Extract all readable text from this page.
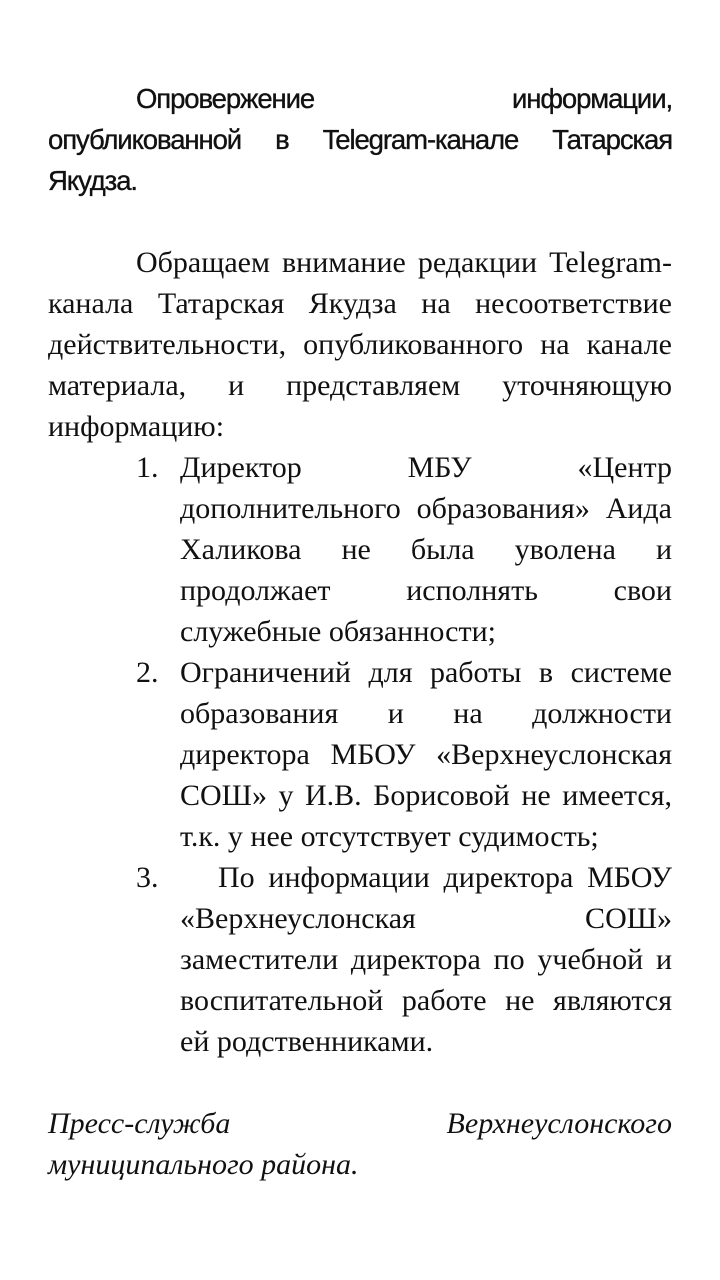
Опровержение информации, опубликованной в Telegram-канале Татарская Якудза.

Обращаем внимание редакции Telegram-канала Татарская Якудза на несоответствие действительности, опубликованного на канале материала, и представляем уточняющую информацию:

1. Директор МБУ «Центр дополнительного образования» Аида Халикова не была уволена и продолжает исполнять свои служебные обязанности;
2. Ограничений для работы в системе образования и на должности директора МБОУ «Верхнеуслонская СОШ» у И.В. Борисовой не имеется, т.к. у нее отсутствует судимость;
3.	По информации директора МБОУ «Верхнеуслонская СОШ» заместители директора по учебной и воспитательной работе не являются ей родственниками.
Пресс-служба Верхнеуслонского
муниципального района.
